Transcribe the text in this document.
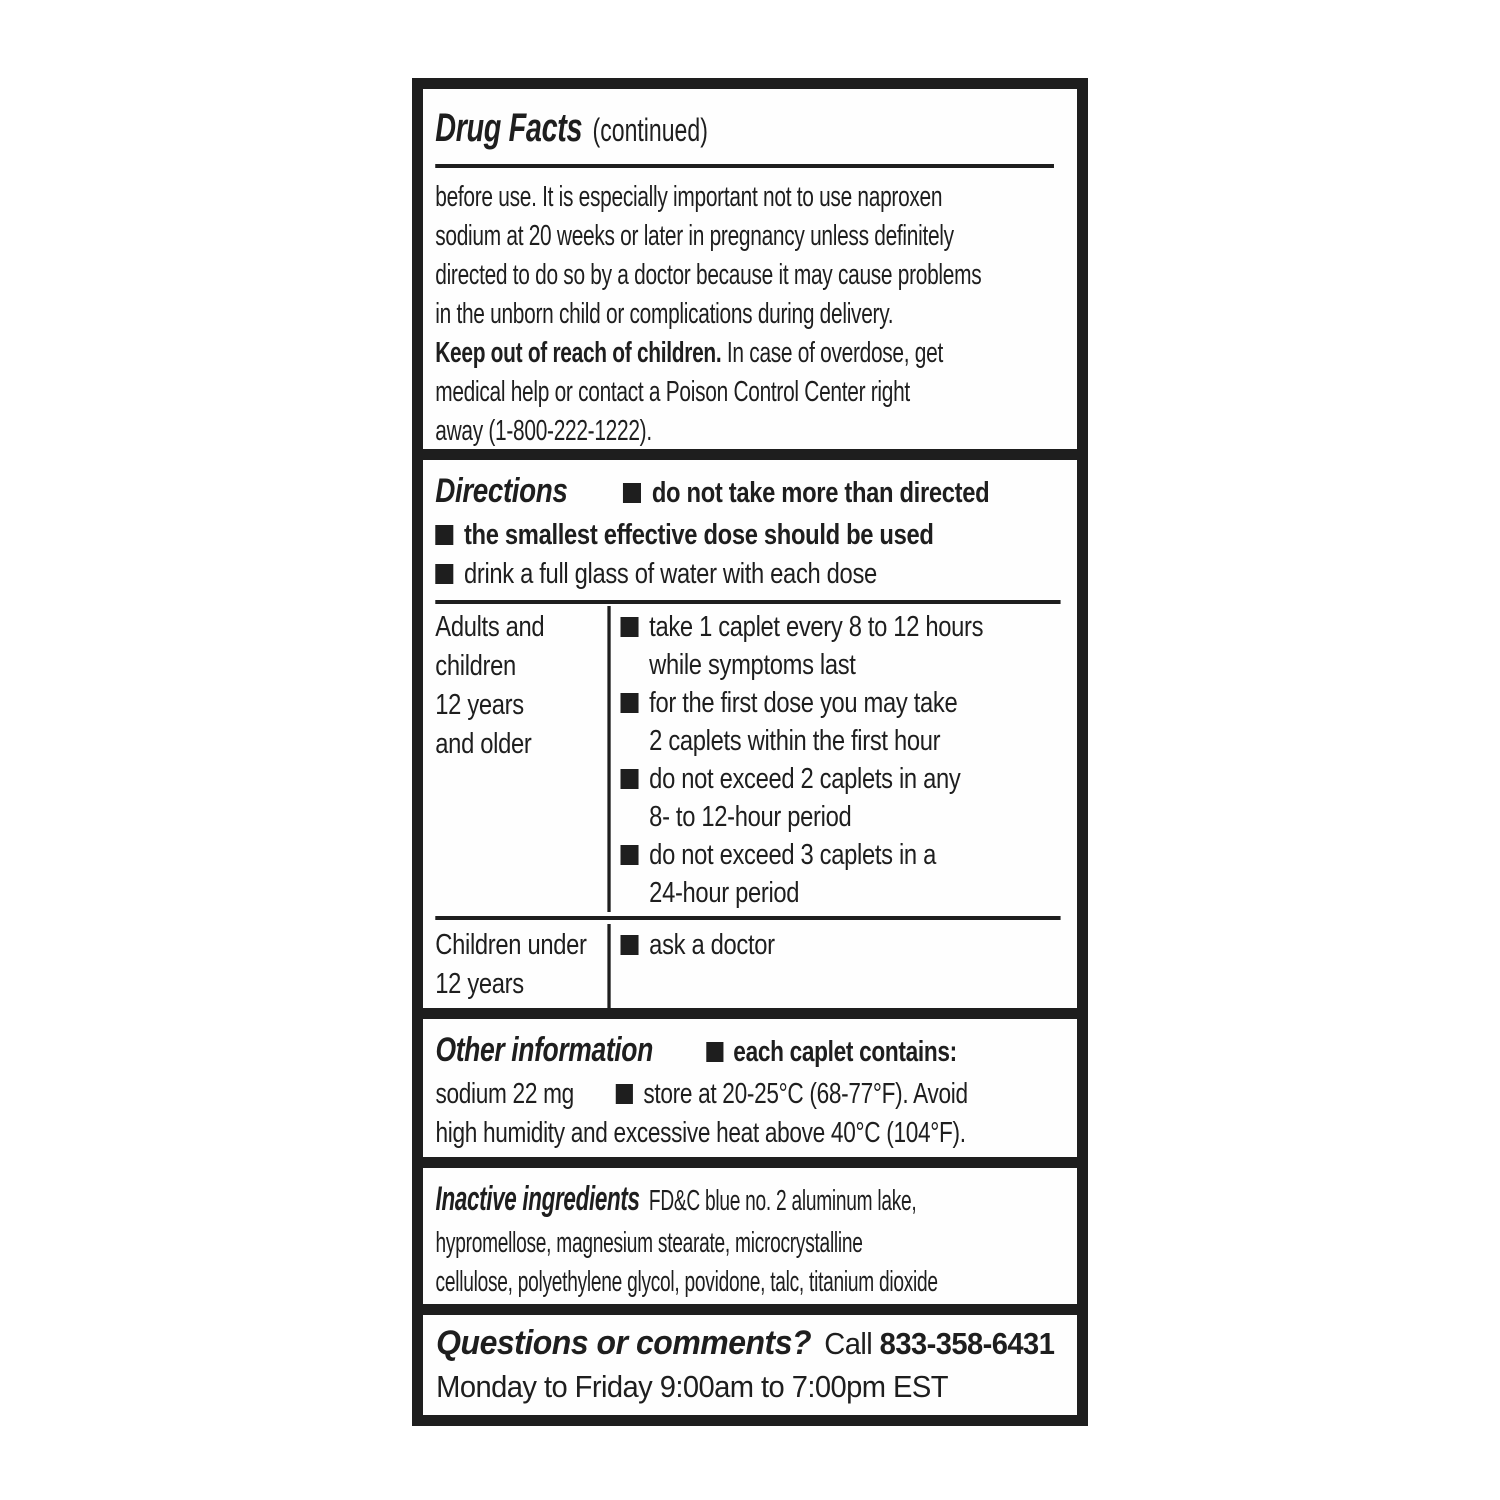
Drug Facts (continued)
before use. It is especially important not to use naproxen
sodium at 20 weeks or later in pregnancy unless definitely
directed to do so by a doctor because it may cause problems
in the unborn child or complications during delivery.
Keep out of reach of children. In case of overdose, get
medical help or contact a Poison Control Center right
away (1-800-222-1222).
Directions	do not take more than directed
the smallest effective dose should be used
drink a full glass of water with each dose
Adults and
children
12 years
and older
take 1 caplet every 8 to 12 hours
while symptoms last
for the first dose you may take
2 caplets within the first hour
do not exceed 2 caplets in any
8- to 12-hour period
do not exceed 3 caplets in a
24-hour period
Children under
12 years
ask a doctor
Other information	each caplet contains:
sodium 22 mg store at 20-25°C (68-77°F). Avoid
high humidity and excessive heat above 40°C (104°F).
Inactive ingredients FD&C blue no. 2 aluminum lake,
hypromellose, magnesium stearate, microcrystalline
cellulose, polyethylene glycol, povidone, talc, titanium dioxide
Questions or comments? Call 833-358-6431
Monday to Friday 9:00am to 7:00pm EST
